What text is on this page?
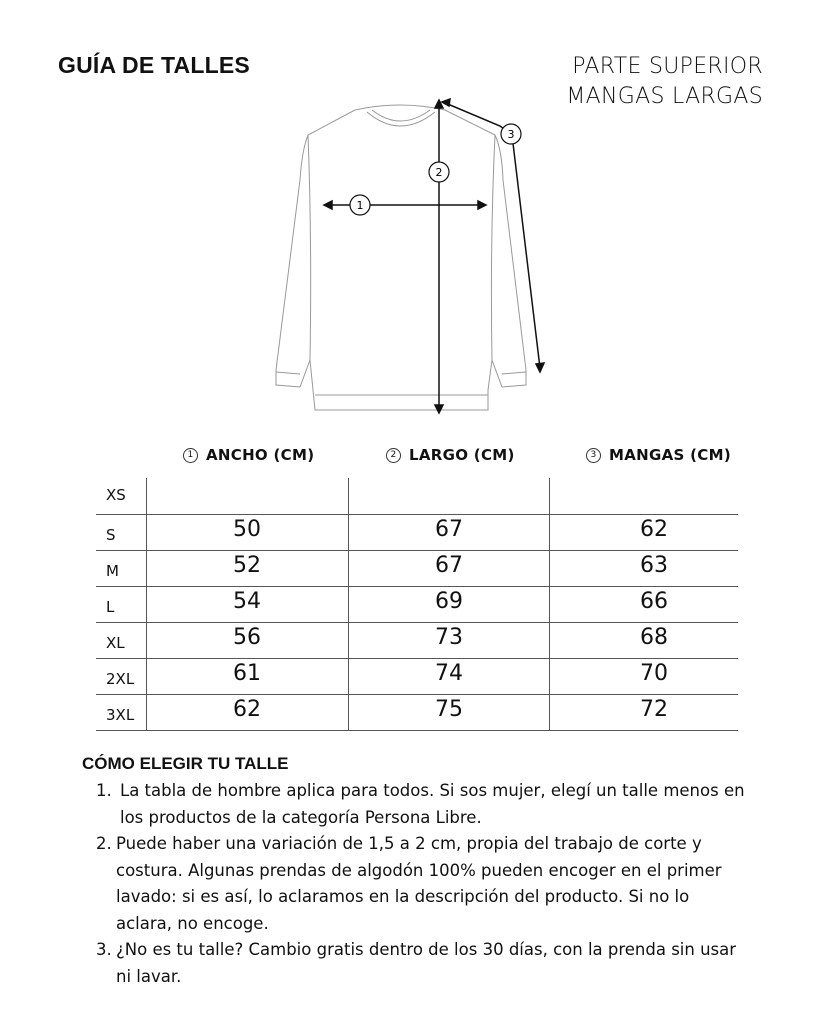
GUÍA DE TALLES	PARTE SUPERIOR
MANGAS LARGAS
1
2
3
1 ANCHO (CM)	2 LARGO (CM)	3 MANGAS (CM)
XS
S	50	67	62
M	52	67	63
L	54	69	66
XL	56	73	68
2XL	61	74	70
3XL	62	75	72
CÓMO ELEGIR TU TALLE
1. La tabla de hombre aplica para todos. Si sos mujer, elegí un talle menos en los productos de la categoría Persona Libre.
2. Puede haber una variación de 1,5 a 2 cm, propia del trabajo de corte y costura. Algunas prendas de algodón 100% pueden encoger en el primer lavado: si es así, lo aclaramos en la descripción del producto. Si no lo aclara, no encoge.
3. ¿No es tu talle? Cambio gratis dentro de los 30 días, con la prenda sin usar ni lavar.
